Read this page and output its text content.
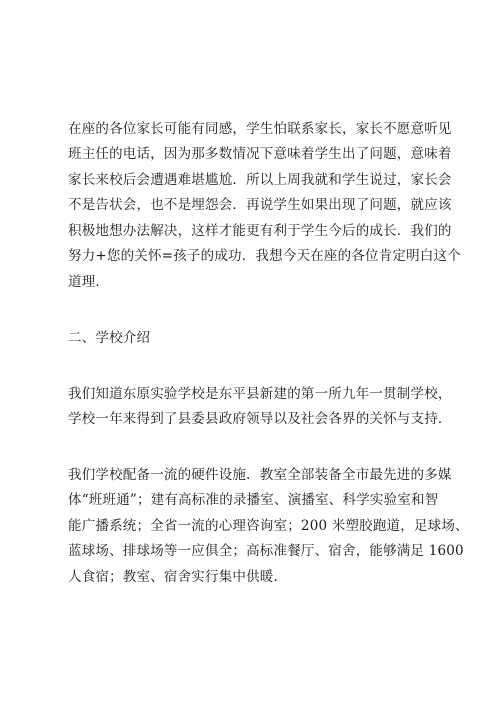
在座的各位家长可能有同感，学生怕联系家长，家长不愿意听见
班主任的电话，因为那多数情况下意味着学生出了问题，意味着
家长来校后会遭遇难堪尴尬．所以上周我就和学生说过，家长会
不是告状会，也不是埋怨会．再说学生如果出现了问题，就应该
积极地想办法解决，这样才能更有利于学生今后的成长．我们的
努力+您的关怀=孩子的成功．我想今天在座的各位肯定明白这个
道理．
二、学校介绍
我们知道东原实验学校是东平县新建的第一所九年一贯制学校，
学校一年来得到了县委县政府领导以及社会各界的关怀与支持．
我们学校配备一流的硬件设施．教室全部装备全市最先进的多媒
体“班班通”；建有高标准的录播室、演播室、科学实验室和智
能广播系统；全省一流的心理咨询室；200 米塑胶跑道，足球场、
蓝球场、排球场等一应俱全；高标准餐厅、宿舍，能够满足 1600
人食宿；教室、宿舍实行集中供暖．
